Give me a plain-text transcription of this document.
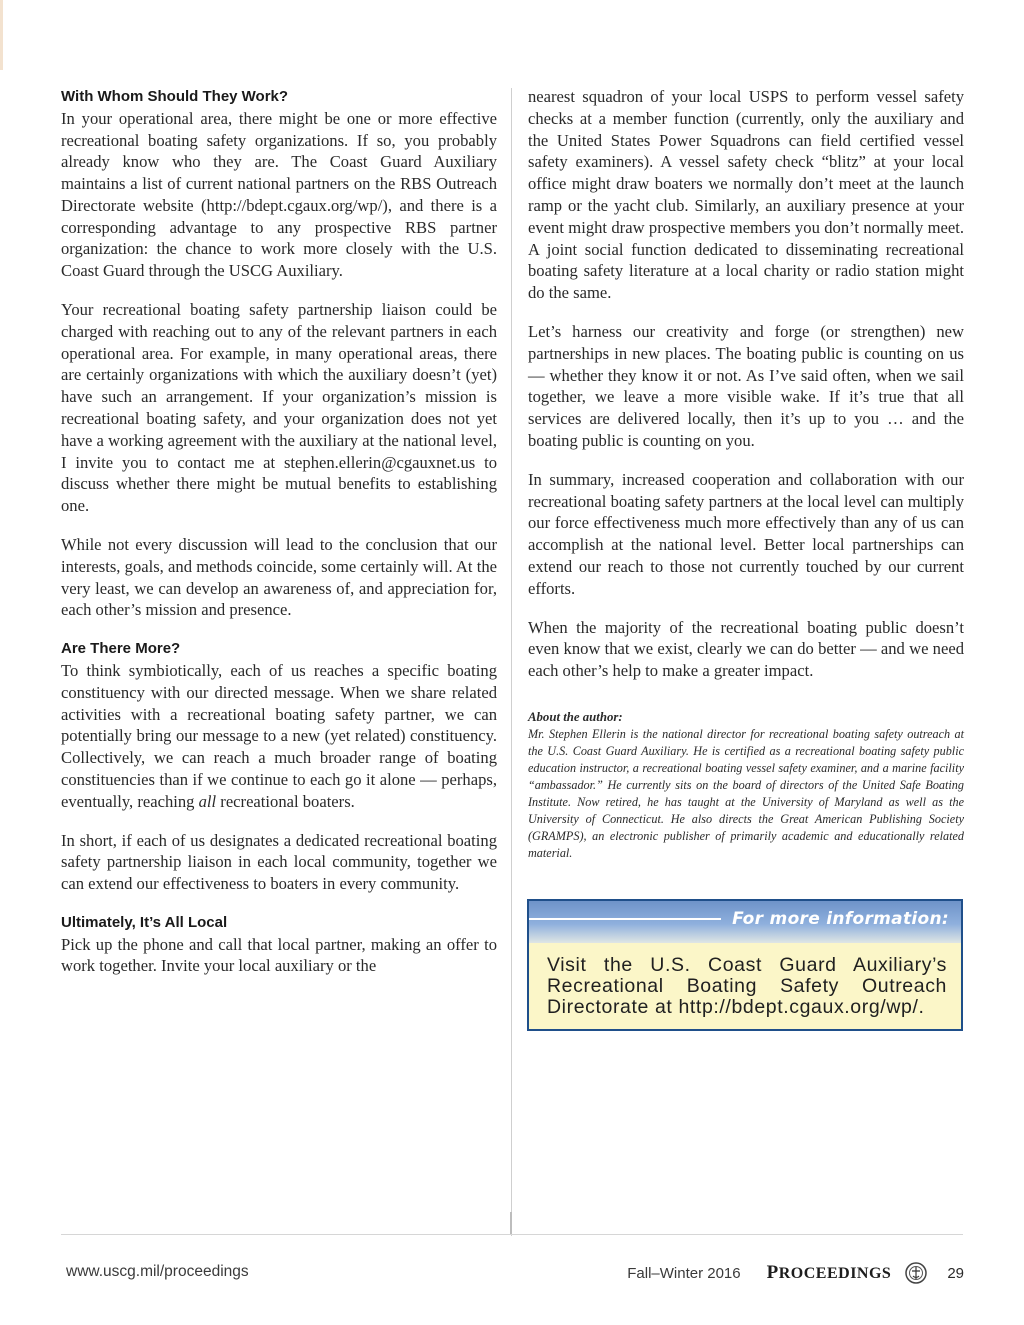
With Whom Should They Work?

In your operational area, there might be one or more effective recreational boating safety organizations. If so, you probably already know who they are. The Coast Guard Auxiliary maintains a list of current national partners on the RBS Outreach Directorate website (http://bdept.cgaux.org/wp/), and there is a corresponding advantage to any prospective RBS partner organization: the chance to work more closely with the U.S. Coast Guard through the USCG Auxiliary.

Your recreational boating safety partnership liaison could be charged with reaching out to any of the relevant partners in each operational area. For example, in many operational areas, there are certainly organizations with which the auxiliary doesn’t (yet) have such an arrangement. If your organization’s mission is recreational boating safety, and your organization does not yet have a working agreement with the auxiliary at the national level, I invite you to contact me at stephen.ellerin@cgauxnet.us to discuss whether there might be mutual benefits to establishing one.

While not every discussion will lead to the conclusion that our interests, goals, and methods coincide, some certainly will. At the very least, we can develop an awareness of, and appreciation for, each other’s mission and presence.

Are There More?

To think symbiotically, each of us reaches a specific boating constituency with our directed message. When we share related activities with a recreational boating safety partner, we can potentially bring our message to a new (yet related) constituency. Collectively, we can reach a much broader range of boating constituencies than if we continue to each go it alone — perhaps, eventually, reaching all recreational boaters.

In short, if each of us designates a dedicated recreational boating safety partnership liaison in each local community, together we can extend our effectiveness to boaters in every community.

Ultimately, It’s All Local

Pick up the phone and call that local partner, making an offer to work together. Invite your local auxiliary or the

nearest squadron of your local USPS to perform vessel safety checks at a member function (currently, only the auxiliary and the United States Power Squadrons can field certified vessel safety examiners). A vessel safety check “blitz” at your local office might draw boaters we normally don’t meet at the launch ramp or the yacht club. Similarly, an auxiliary presence at your event might draw prospective members you don’t normally meet. A joint social function dedicated to disseminating recreational boating safety literature at a local charity or radio station might do the same.

Let’s harness our creativity and forge (or strengthen) new partnerships in new places. The boating public is counting on us — whether they know it or not. As I’ve said often, when we sail together, we leave a more visible wake. If it’s true that all services are delivered locally, then it’s up to you … and the boating public is counting on you.

In summary, increased cooperation and collaboration with our recreational boating safety partners at the local level can multiply our force effectiveness much more effectively than any of us can accomplish at the national level. Better local partnerships can extend our reach to those not currently touched by our current efforts.

When the majority of the recreational boating public doesn’t even know that we exist, clearly we can do better — and we need each other’s help to make a greater impact.

About the author:

Mr. Stephen Ellerin is the national director for recreational boating safety outreach at the U.S. Coast Guard Auxiliary. He is certified as a recreational boating safety public education instructor, a recreational boating vessel safety examiner, and a marine facility “ambassador.” He currently sits on the board of directors of the United Safe Boating Institute. Now retired, he has taught at the University of Maryland as well as the University of Connecticut. He also directs the Great American Publishing Society (GRAMPS), an electronic publisher of primarily academic and educationally related material.

For more information:
Visit the U.S. Coast Guard Auxiliary’s Recreational Boating Safety Outreach Directorate at http://bdept.cgaux.org/wp/.
www.uscg.mil/proceedings	Fall–Winter 2016 PROCEEDINGS	29
